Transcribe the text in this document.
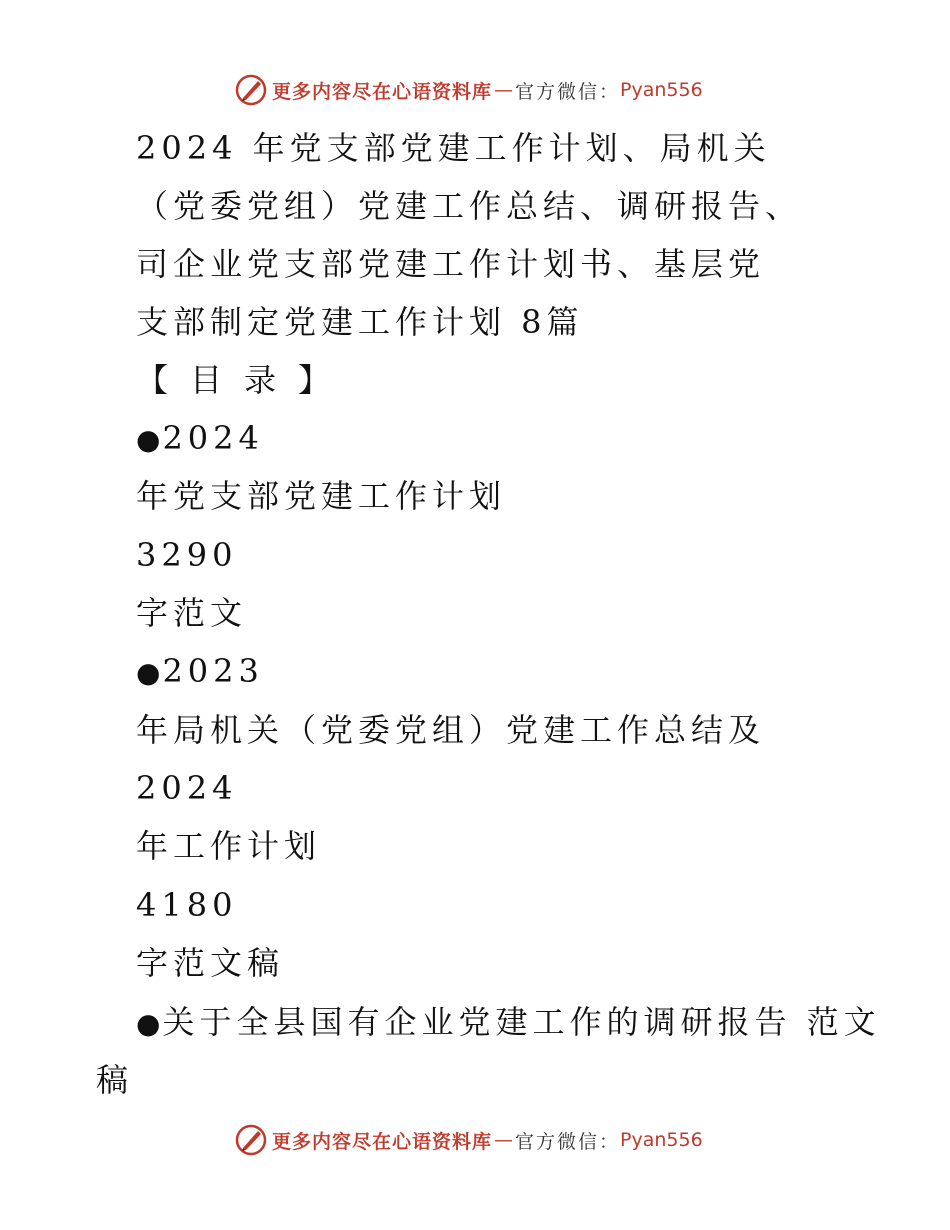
更多内容尽在心语资料库 — 官方微信： Pyan556
2024 年党支部党建工作计划、局机关
（党委党组）党建工作总结、调研报告、
司企业党支部党建工作计划书、基层党
支部制定党建工作计划 8篇
【目录】
●2024
年党支部党建工作计划
3290
字范文
●2023
年局机关（党委党组）党建工作总结及
2024
年工作计划
4180
字范文稿
●关于全县国有企业党建工作的调研报告 范文
稿
更多内容尽在心语资料库 — 官方微信： Pyan556
